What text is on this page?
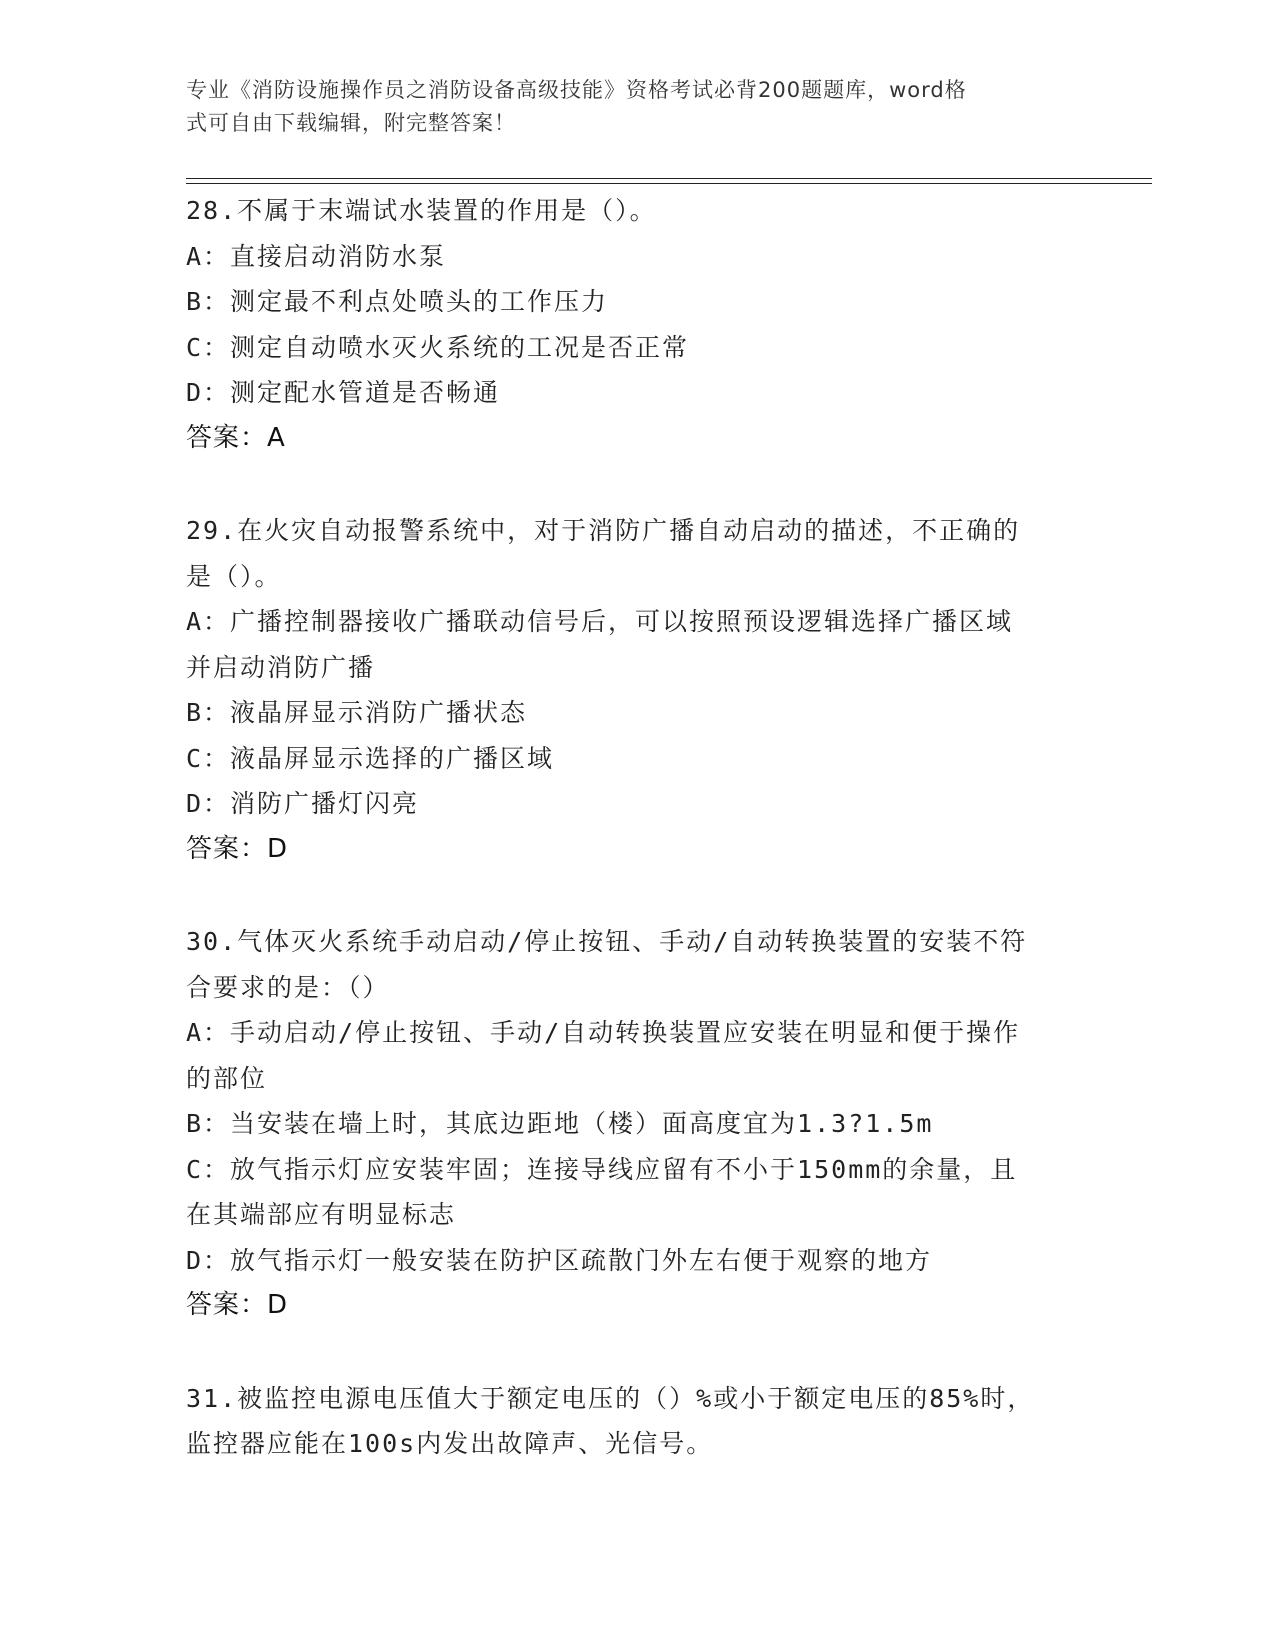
专业《消防设施操作员之消防设备高级技能》资格考试必背200题题库，word格
式可自由下载编辑，附完整答案！
28.不属于末端试水装置的作用是（）。
A：直接启动消防水泵
B：测定最不利点处喷头的工作压力
C：测定自动喷水灭火系统的工况是否正常
D：测定配水管道是否畅通
答案：A
29.在火灾自动报警系统中，对于消防广播自动启动的描述，不正确的
是（）。
A：广播控制器接收广播联动信号后，可以按照预设逻辑选择广播区域
并启动消防广播
B：液晶屏显示消防广播状态
C：液晶屏显示选择的广播区域
D：消防广播灯闪亮
答案：D
30.气体灭火系统手动启动/停止按钮、手动/自动转换装置的安装不符
合要求的是：（）
A：手动启动/停止按钮、手动/自动转换装置应安装在明显和便于操作
的部位
B：当安装在墙上时，其底边距地（楼）面高度宜为1.3?1.5m
C：放气指示灯应安装牢固；连接导线应留有不小于150mm的余量，且
在其端部应有明显标志
D：放气指示灯一般安装在防护区疏散门外左右便于观察的地方
答案：D
31.被监控电源电压值大于额定电压的（）%或小于额定电压的85%时，
监控器应能在100s内发出故障声、光信号。
